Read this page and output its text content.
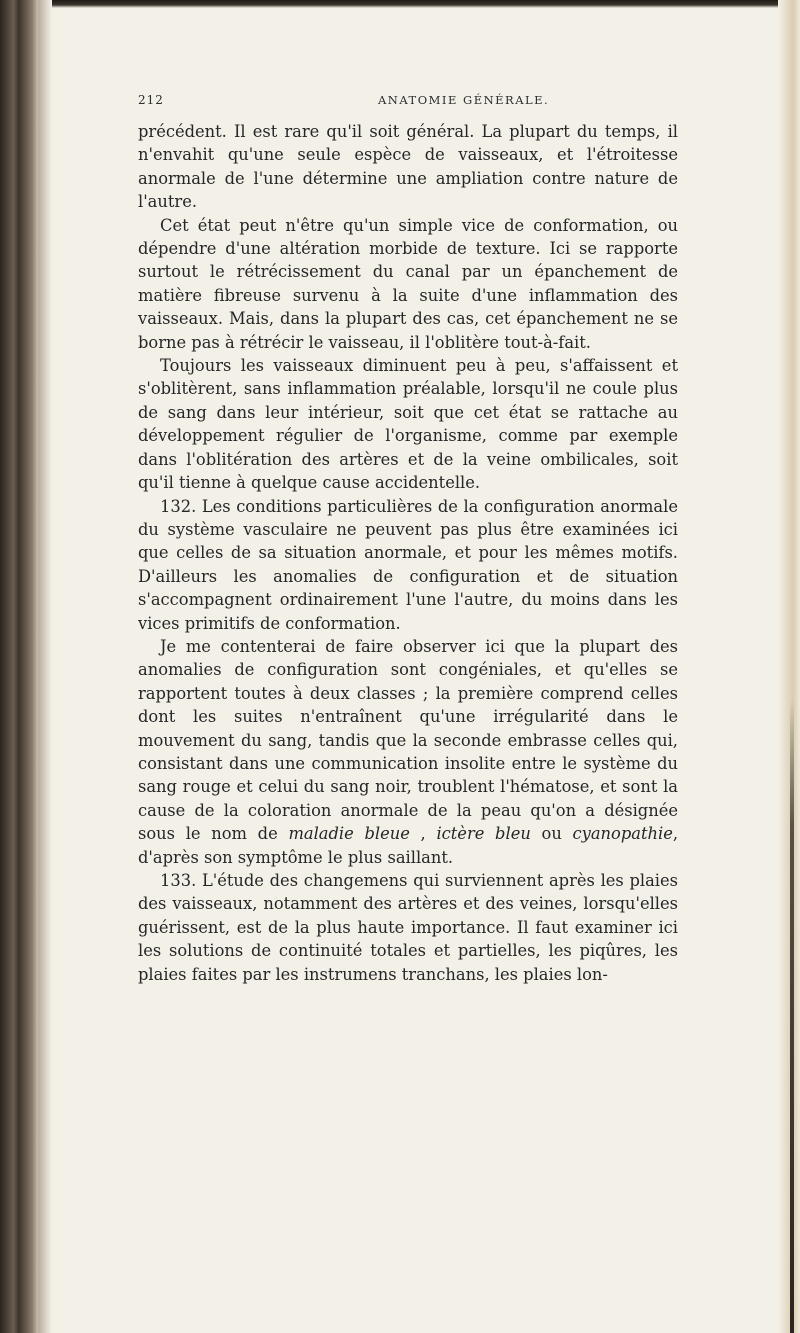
212	ANATOMIE GÉNÉRALE.

précédent. Il est rare qu'il soit général. La plupart du temps, il n'envahit qu'une seule espèce de vaisseaux, et l'étroitesse anormale de l'une détermine une ampliation contre nature de l'autre.

Cet état peut n'être qu'un simple vice de conformation, ou dépendre d'une altération morbide de texture. Ici se rapporte surtout le rétrécissement du canal par un épanchement de matière fibreuse survenu à la suite d'une inflammation des vaisseaux. Mais, dans la plupart des cas, cet épanchement ne se borne pas à rétrécir le vaisseau, il l'oblitère tout-à-fait.

Toujours les vaisseaux diminuent peu à peu, s'affaissent et s'oblitèrent, sans inflammation préalable, lorsqu'il ne coule plus de sang dans leur intérieur, soit que cet état se rattache au développement régulier de l'organisme, comme par exemple dans l'oblitération des artères et de la veine ombilicales, soit qu'il tienne à quelque cause accidentelle.

132. Les conditions particulières de la configuration anormale du système vasculaire ne peuvent pas plus être examinées ici que celles de sa situation anormale, et pour les mêmes motifs. D'ailleurs les anomalies de configuration et de situation s'accompagnent ordinairement l'une l'autre, du moins dans les vices primitifs de conformation.

Je me contenterai de faire observer ici que la plupart des anomalies de configuration sont congéniales, et qu'elles se rapportent toutes à deux classes ; la première comprend celles dont les suites n'entraînent qu'une irrégularité dans le mouvement du sang, tandis que la seconde embrasse celles qui, consistant dans une communication insolite entre le système du sang rouge et celui du sang noir, troublent l'hématose, et sont la cause de la coloration anormale de la peau qu'on a désignée sous le nom de maladie bleue , ictère bleu ou cyanopathie, d'après son symptôme le plus saillant.

133. L'étude des changemens qui surviennent après les plaies des vaisseaux, notamment des artères et des veines, lorsqu'elles guérissent, est de la plus haute importance. Il faut examiner ici les solutions de continuité totales et partielles, les piqûres, les plaies faites par les instrumens tranchans, les plaies lon-
